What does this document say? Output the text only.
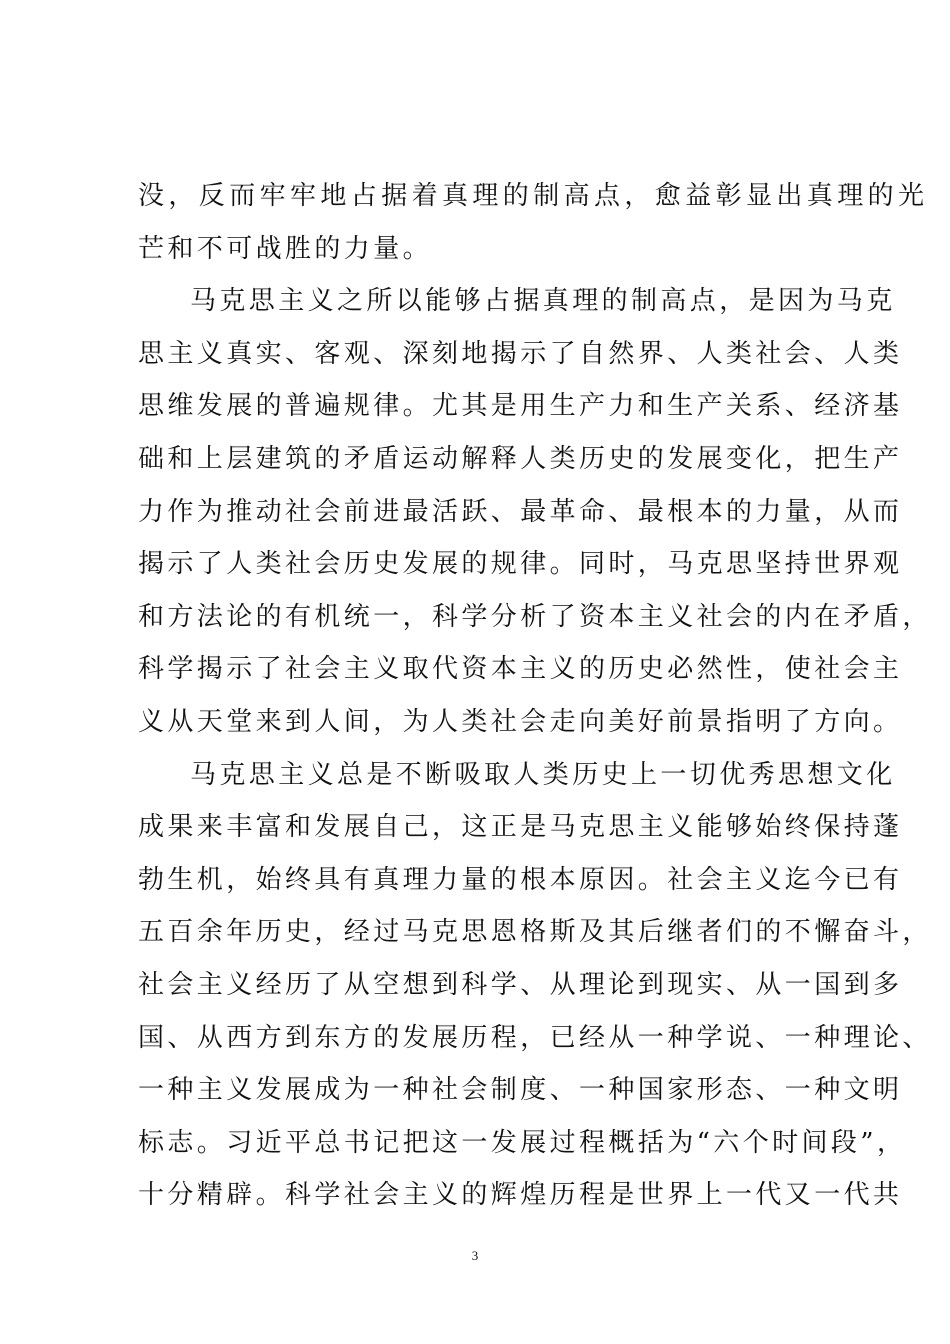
没，反而牢牢地占据着真理的制高点，愈益彰显出真理的光
芒和不可战胜的力量。
马克思主义之所以能够占据真理的制高点，是因为马克
思主义真实、客观、深刻地揭示了自然界、人类社会、人类
思维发展的普遍规律。尤其是用生产力和生产关系、经济基
础和上层建筑的矛盾运动解释人类历史的发展变化，把生产
力作为推动社会前进最活跃、最革命、最根本的力量，从而
揭示了人类社会历史发展的规律。同时，马克思坚持世界观
和方法论的有机统一，科学分析了资本主义社会的内在矛盾，
科学揭示了社会主义取代资本主义的历史必然性，使社会主
义从天堂来到人间，为人类社会走向美好前景指明了方向。
马克思主义总是不断吸取人类历史上一切优秀思想文化
成果来丰富和发展自己，这正是马克思主义能够始终保持蓬
勃生机，始终具有真理力量的根本原因。社会主义迄今已有
五百余年历史，经过马克思恩格斯及其后继者们的不懈奋斗，
社会主义经历了从空想到科学、从理论到现实、从一国到多
国、从西方到东方的发展历程，已经从一种学说、一种理论、
一种主义发展成为一种社会制度、一种国家形态、一种文明
标志。习近平总书记把这一发展过程概括为“六个时间段”，
十分精辟。科学社会主义的辉煌历程是世界上一代又一代共
3
